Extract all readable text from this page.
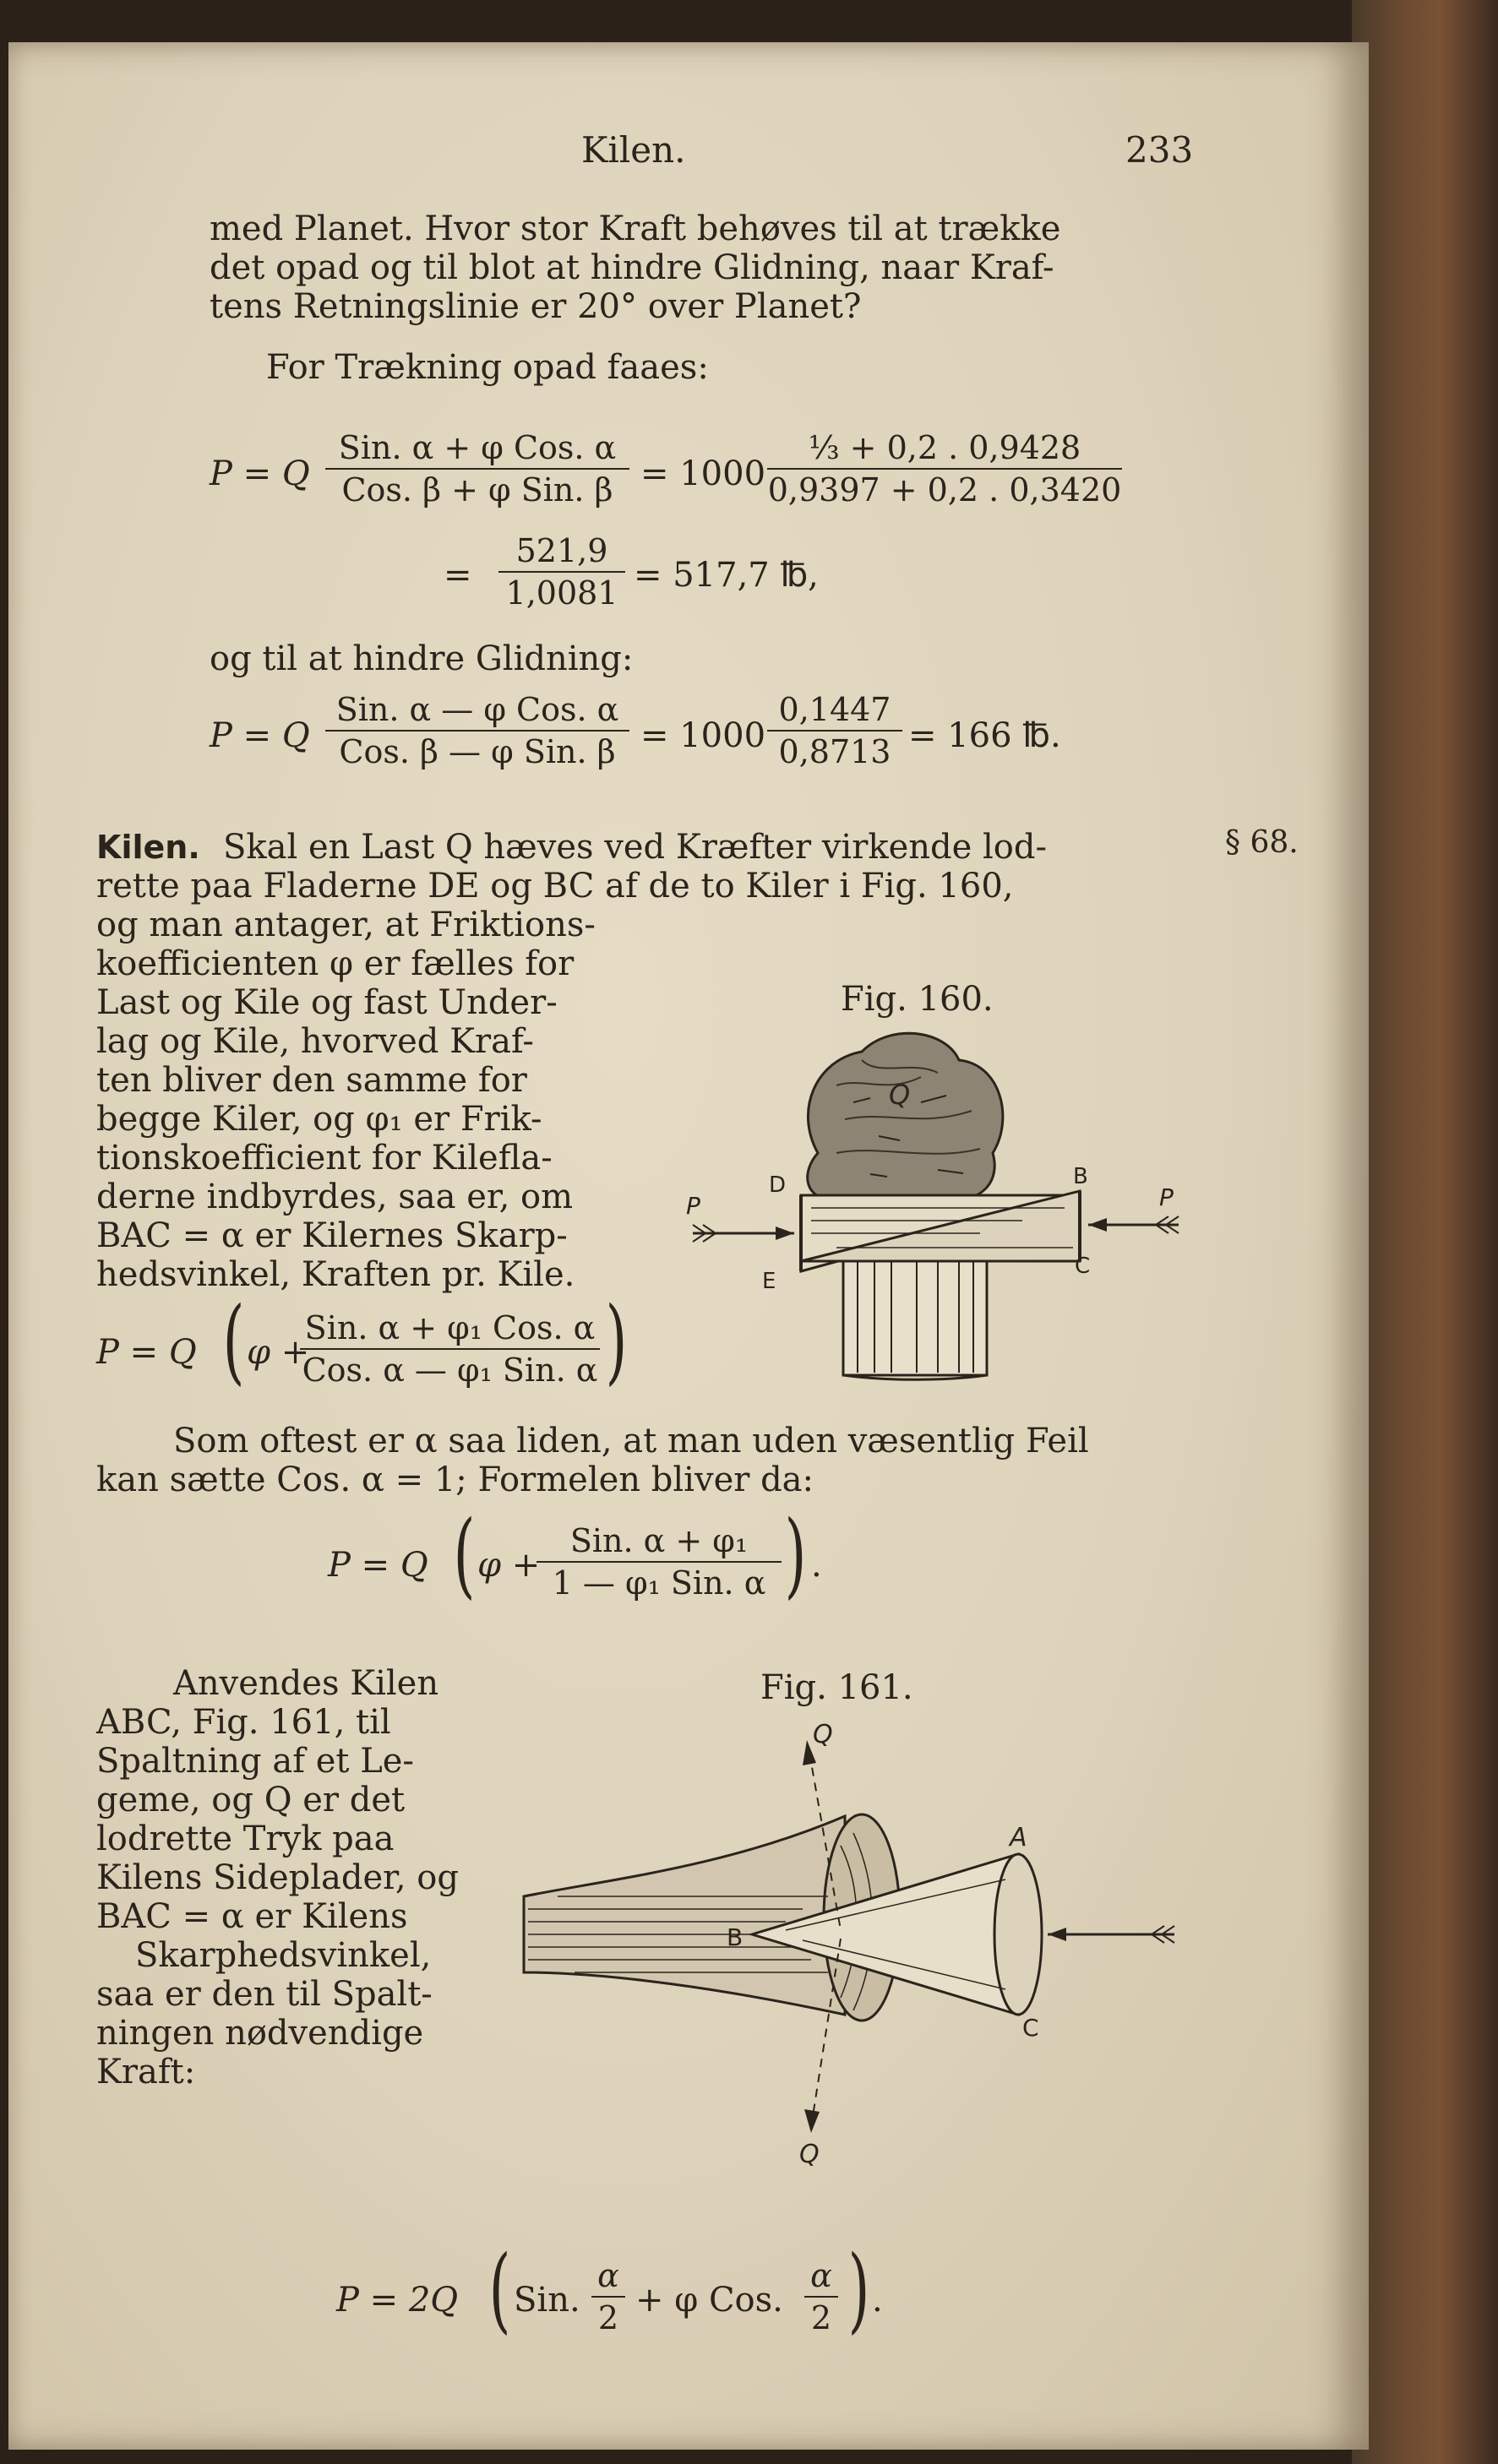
Kilen.	233
med Planet. Hvor stor Kraft behøves til at trække
det opad og til blot at hindre Glidning, naar Kraf-
tens Retningslinie er 20° over Planet?
For Trækning opad faaes:
P = Q
Sin. α + φ Cos. α
Cos. β + φ Sin. $\beta = 1000 \frac{\text{⅓ + 0,2 . 0,9428}}{0,9397 + 0,2 . 0,3420}$
= $\frac{521,9}{1,0081} = 517,7$ ℔,
og til at hindre Glidning:
P = Q
Sin. α — φ Cos. α
Cos. β — φ Sin. $\beta = 1000 \frac{0,1447}{0,8713} = 166$ ℔.
Kilen. Skal en Last Q hæves ved Kræfter virkende lod-	§ 68.
rette paa Fladerne DE og BC af de to Kiler i Fig. 160,
og man antager, at Friktions-
koefficienten φ er fælles for
Last og Kile og fast Under-
lag og Kile, hvorved Kraf-
ten bliver den samme for
begge Kiler, og φ₁ er Frik-
tionskoefficient for Kilefla-
derne indbyrdes, saa er, om
BAC = α er Kilernes Skarp-
hedsvinkel, Kraften pr. Kile.
Fig. 160.
Q
D	B
E
C
P	P
P = Q ( φ +
Sin. α + φ₁ Cos. α
Cos. α — φ₁ Sin. α )
Som oftest er α saa liden, at man uden væsentlig Feil
kan sætte Cos. α = 1; Formelen bliver da:
P = Q ( φ +
Sin. α + φ₁
1 — φ₁ Sin. α ) .
Anvendes Kilen
ABC, Fig. 161, til
Spaltning af et Le-
geme, og Q er det
lodrette Tryk paa
Kilens Sideplader, og
BAC = α er Kilens
Skarphedsvinkel,
saa er den til Spalt-
ningen nødvendige
Kraft:
Fig. 161.
Q
A
B
C
Q
P = 2Q ( Sin. $\frac{\alpha}{2} + \varphi$ Cos. $\frac{\alpha}{2}$ ) .
